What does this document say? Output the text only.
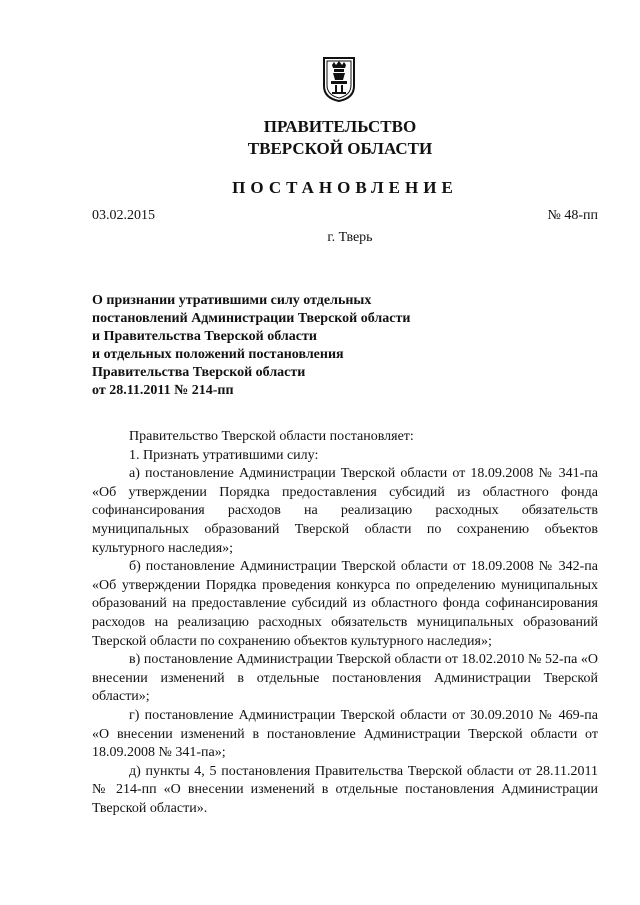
ПРАВИТЕЛЬСТВО
ТВЕРСКОЙ ОБЛАСТИ
ПОСТАНОВЛЕНИЕ
03.02.2015	№ 48-пп
г. Тверь
О признании утратившими силу отдельных
постановлений Администрации Тверской области
и Правительства Тверской области
и отдельных положений постановления
Правительства Тверской области
от 28.11.2011 № 214-пп

Правительство Тверской области постановляет:

1. Признать утратившими силу:

а) постановление Администрации Тверской области от 18.09.2008 № 341-па «Об утверждении Порядка предоставления субсидий из областного фонда софинансирования расходов на реализацию расходных обязательств муниципальных образований Тверской области по сохранению объектов культурного наследия»;

б) постановление Администрации Тверской области от 18.09.2008 № 342-па «Об утверждении Порядка проведения конкурса по определению муниципальных образований на предоставление субсидий из областного фонда софинансирования расходов на реализацию расходных обязательств муниципальных образований Тверской области по сохранению объектов культурного наследия»;

в) постановление Администрации Тверской области от 18.02.2010 № 52-па «О внесении изменений в отдельные постановления Администрации Тверской области»;

г) постановление Администрации Тверской области от 30.09.2010 № 469-па «О внесении изменений в постановление Администрации Тверской области от 18.09.2008 № 341-па»;

д) пункты 4, 5 постановления Правительства Тверской области от 28.11.2011 № 214-пп «О внесении изменений в отдельные постановления Администрации Тверской области».
